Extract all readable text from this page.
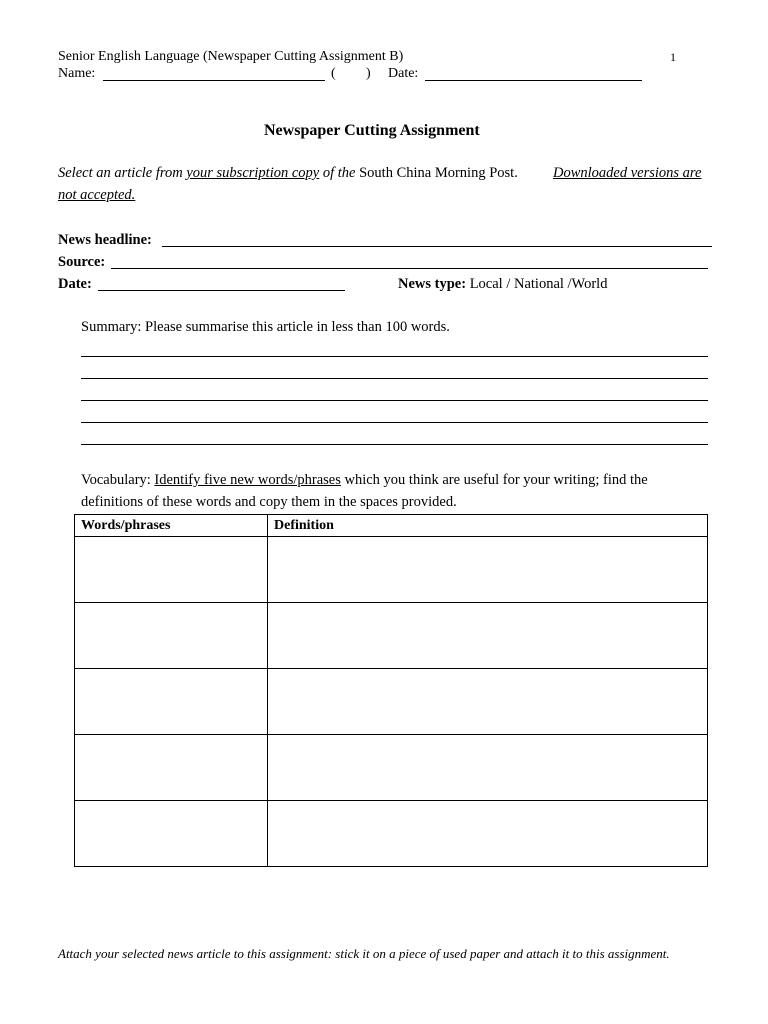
Senior English Language (Newspaper Cutting Assignment B)	1
Name:	( ) Date:
Newspaper Cutting Assignment
Select an article from your subscription copy of the South China Morning Post. Downloaded versions are
not accepted.
News headline:
Source:
Date:	News type: Local / National /World
Summary: Please summarise this article in less than 100 words.
Vocabulary: Identify five new words/phrases which you think are useful for your writing; find the
definitions of these words and copy them in the spaces provided.
Words/phrases	Definition

Attach your selected news article to this assignment: stick it on a piece of used paper and attach it to this assignment.
